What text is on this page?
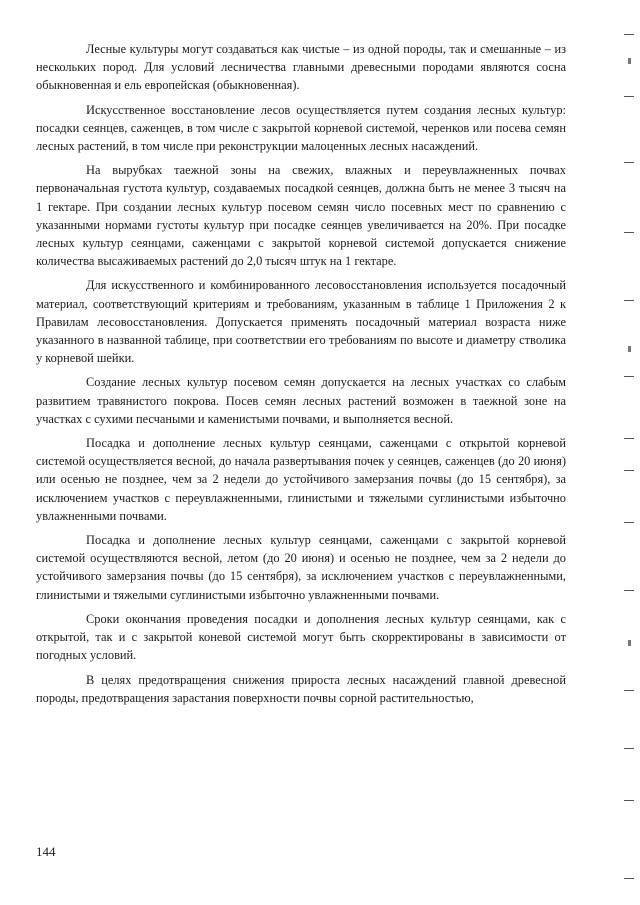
Лесные культуры могут создаваться как чистые – из одной породы, так и смешанные – из нескольких пород. Для условий лесничества главными древесными породами являются сосна обыкновенная и ель европейская (обыкновенная).

Искусственное восстановление лесов осуществляется путем создания лесных культур: посадки сеянцев, саженцев, в том числе с закрытой корневой системой, черенков или посева семян лесных растений, в том числе при реконструкции малоценных лесных насаждений.

На вырубках таежной зоны на свежих, влажных и переувлажненных почвах первоначальная густота культур, создаваемых посадкой сеянцев, должна быть не менее 3 тысяч на 1 гектаре. При создании лесных культур посевом семян число посевных мест по сравнению с указанными нормами густоты культур при посадке сеянцев увеличивается на 20%. При посадке лесных культур сеянцами, саженцами с закрытой корневой системой допускается снижение количества высаживаемых растений до 2,0 тысяч штук на 1 гектаре.

Для искусственного и комбинированного лесовосстановления используется посадочный материал, соответствующий критериям и требованиям, указанным в таблице 1 Приложения 2 к Правилам лесовосстановления. Допускается применять посадочный материал возраста ниже указанного в названной таблице, при соответствии его требованиям по высоте и диаметру стволика у корневой шейки.

Создание лесных культур посевом семян допускается на лесных участках со слабым развитием травянистого покрова. Посев семян лесных растений возможен в таежной зоне на участках с сухими песчаными и каменистыми почвами, и выполняется весной.

Посадка и дополнение лесных культур сеянцами, саженцами с открытой корневой системой осуществляется весной, до начала развертывания почек у сеянцев, саженцев (до 20 июня) или осенью не позднее, чем за 2 недели до устойчивого замерзания почвы (до 15 сентября), за исключением участков с переувлажненными, глинистыми и тяжелыми суглинистыми избыточно увлажненными почвами.

Посадка и дополнение лесных культур сеянцами, саженцами с закрытой корневой системой осуществляются весной, летом (до 20 июня) и осенью не позднее, чем за 2 недели до устойчивого замерзания почвы (до 15 сентября), за исключением участков с переувлажненными, глинистыми и тяжелыми суглинистыми избыточно увлажненными почвами.

Сроки окончания проведения посадки и дополнения лесных культур сеянцами, как с открытой, так и с закрытой коневой системой могут быть скорректированы в зависимости от погодных условий.

В целях предотвращения снижения прироста лесных насаждений главной древесной породы, предотвращения зарастания поверхности почвы сорной растительностью,

144
